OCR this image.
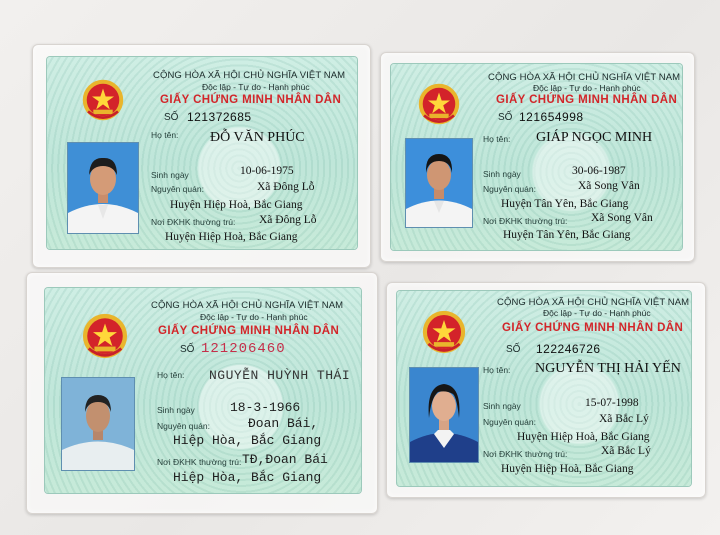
CỘNG HÒA XÃ HỘI CHỦ NGHĨA VIỆT NAM
Độc lập - Tự do - Hạnh phúc
GIẤY CHỨNG MINH NHÂN DÂN
SỐ 121372685
Họ tên: ĐỖ VĂN PHÚC
Sinh ngày	10-06-1975
Nguyên quán:	Xã Đông Lỗ
Huyện Hiệp Hoà, Bắc Giang
Nơi ĐKHK thường trú: Xã Đông Lỗ
Huyện Hiệp Hoà, Bắc Giang
CỘNG HÒA XÃ HỘI CHỦ NGHĨA VIỆT NAM
Độc lập - Tự do - Hạnh phúc
GIẤY CHỨNG MINH NHÂN DÂN
SỐ 121654998
Họ tên: GIÁP NGỌC MINH
Sinh ngày	30-06-1987
Nguyên quán:	Xã Song Vân
Huyện Tân Yên, Bắc Giang
Nơi ĐKHK thường trú: Xã Song Vân
Huyện Tân Yên, Bắc Giang
CỘNG HÒA XÃ HỘI CHỦ NGHĨA VIỆT NAM
Độc lập - Tự do - Hạnh phúc
GIẤY CHỨNG MINH NHÂN DÂN
SỐ 121206460
Họ tên: NGUYỄN HUỲNH THÁI
Sinh ngày	18-3-1966
Nguyên quán:	Đoan Bái,
Hiệp Hòa, Bắc Giang
Nơi ĐKHK thường trú: TĐ,Đoan Bái
Hiệp Hòa, Bắc Giang
CỘNG HÒA XÃ HỘI CHỦ NGHĨA VIỆT NAM
Độc lập - Tự do - Hạnh phúc
GIẤY CHỨNG MINH NHÂN DÂN
SỐ 122246726
Họ tên: NGUYỄN THỊ HẢI YẾN
Sinh ngày	15-07-1998
Nguyên quán:	Xã Bắc Lý
Huyện Hiệp Hoà, Bắc Giang
Nơi ĐKHK thường trú:	Xã Bắc Lý
Huyện Hiệp Hoà, Bắc Giang
